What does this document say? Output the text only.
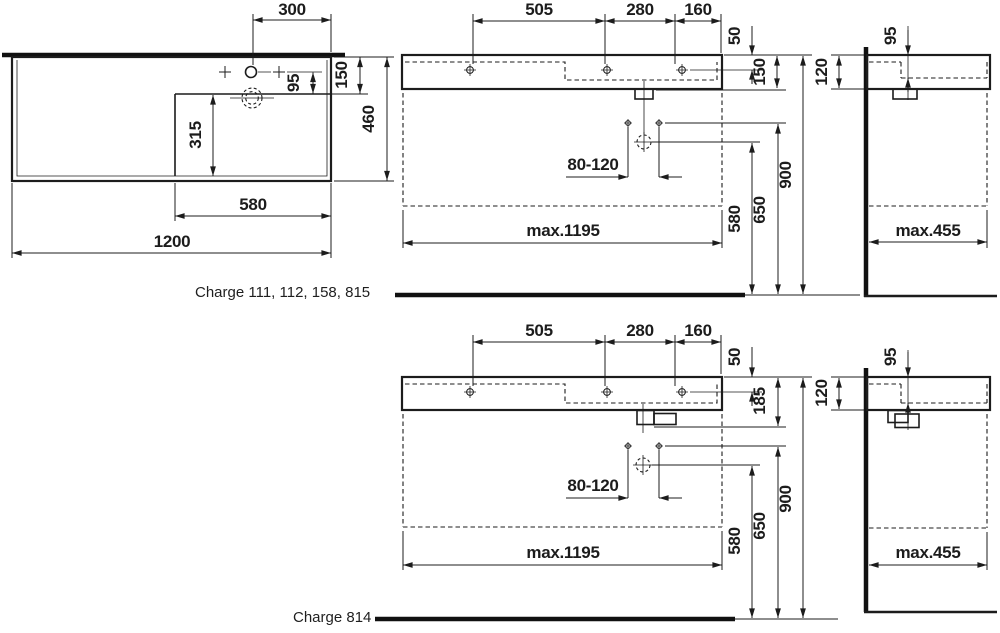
300
95 150
460
315
580
1200
505	280 160
50
150
80-120
580 650
900
max.1195
95
120
max.455
Charge 111, 112, 158, 815
505	280 160
50
185
80-120
580
650
900
max.1195
95
120
max.455
Charge 814
